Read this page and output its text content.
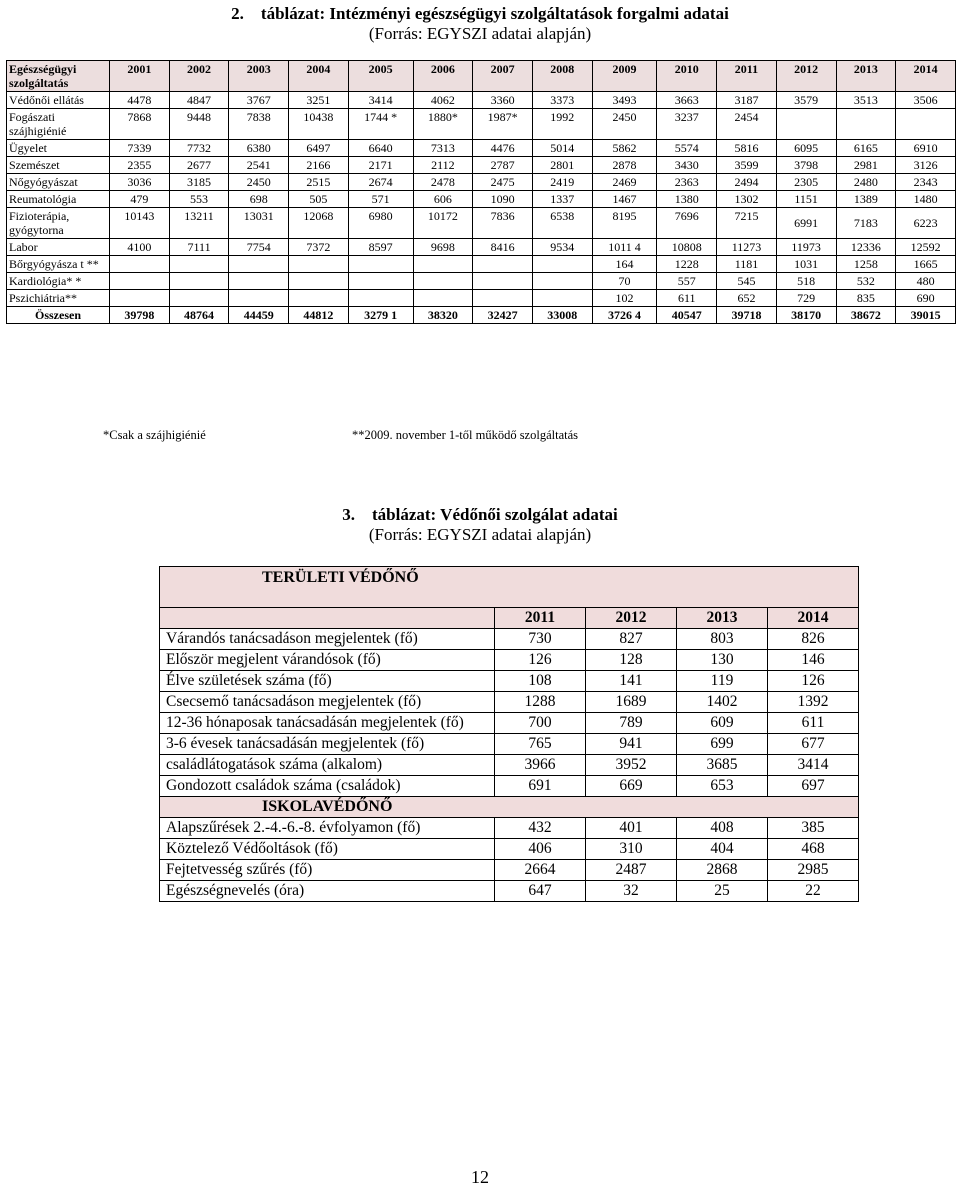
2. táblázat: Intézményi egészségügyi szolgáltatások forgalmi adatai
(Forrás: EGYSZI adatai alapján)
Egészségügyi szolgáltatás	2001	2002	2003	2004	2005	2006	2007	2008	2009	2010	2011	2012	2013	2014
Védőnői ellátás	4478	4847	3767	3251	3414	4062	3360	3373	3493	3663	3187	3579	3513	3506
Fogászati szájhigiénié	7868	9448	7838	10438	1744 *	1880*	1987*	1992	2450	3237	2454			
Ügyelet	7339	7732	6380	6497	6640	7313	4476	5014	5862	5574	5816	6095	6165	6910
Szemészet	2355	2677	2541	2166	2171	2112	2787	2801	2878	3430	3599	3798	2981	3126
Nőgyógyászat	3036	3185	2450	2515	2674	2478	2475	2419	2469	2363	2494	2305	2480	2343
Reumatológia	479	553	698	505	571	606	1090	1337	1467	1380	1302	1151	1389	1480
Fizioterápia, gyógytorna	10143	13211	13031	12068	6980	10172	7836	6538	8195	7696	7215	6991	7183	6223
Labor	4100	7111	7754	7372	8597	9698	8416	9534	1011 4	10808	11273	11973	12336	12592
Bőrgyógyásza t **									164	1228	1181	1031	1258	1665
Kardiológia* *									70	557	545	518	532	480
Pszichiátria**									102	611	652	729	835	690
Összesen	39798	48764	44459	44812	3279 1	38320	32427	33008	3726 4	40547	39718	38170	38672	39015
*Csak a szájhigiénié	**2009. november 1-től működő szolgáltatás
3. táblázat: Védőnői szolgálat adatai
(Forrás: EGYSZI adatai alapján)
TERÜLETI VÉDŐNŐ				
	2011	2012	2013	2014
Várandós tanácsadáson megjelentek (fő)	730	827	803	826
Először megjelent várandósok (fő)	126	128	130	146
Élve születések száma (fő)	108	141	119	126
Csecsemő tanácsadáson megjelentek (fő)	1288	1689	1402	1392
12-36 hónaposak tanácsadásán megjelentek (fő)	700	789	609	611
3-6 évesek tanácsadásán megjelentek (fő)	765	941	699	677
családlátogatások száma (alkalom)	3966	3952	3685	3414
Gondozott családok száma (családok)	691	669	653	697
ISKOLAVÉDŐNŐ				
Alapszűrések 2.-4.-6.-8. évfolyamon (fő)	432	401	408	385
Köztelező Védőoltások (fő)	406	310	404	468
Fejtetvesség szűrés (fő)	2664	2487	2868	2985
Egészségnevelés (óra)	647	32	25	22
12
